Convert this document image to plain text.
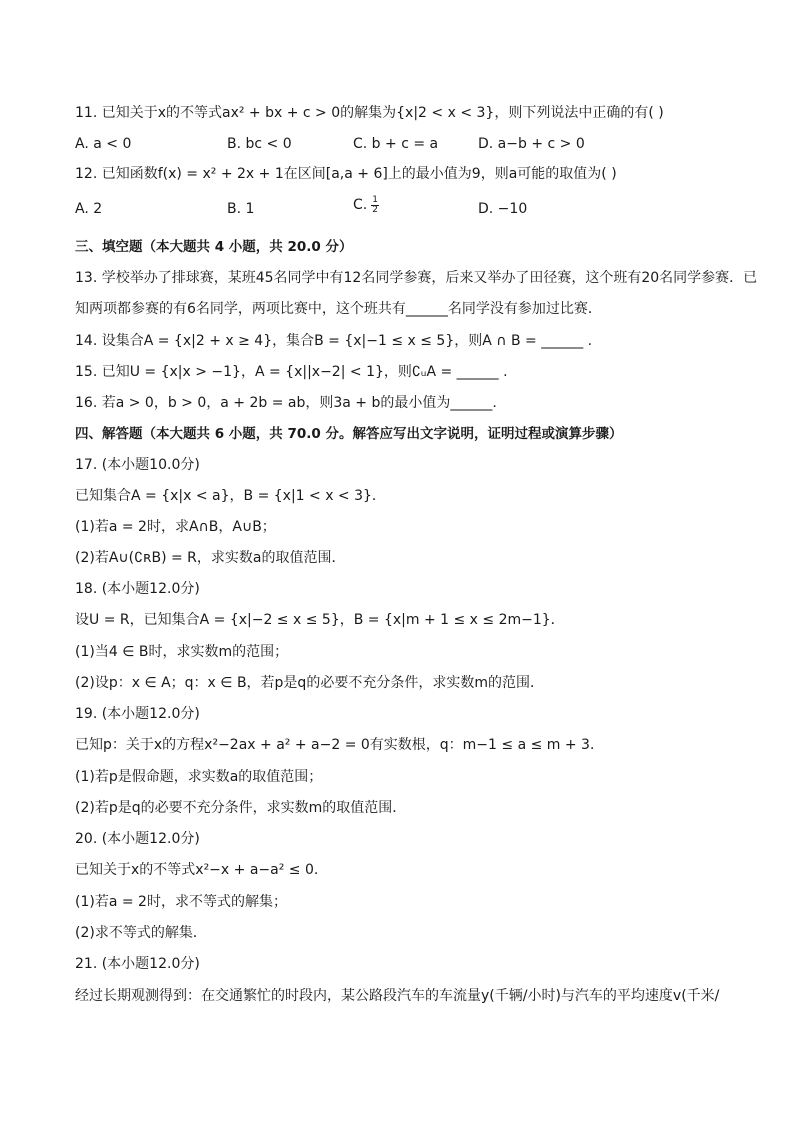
11. 已知关于x的不等式ax² + bx + c > 0的解集为{x|2 < x < 3}，则下列说法中正确的有( )
A. a < 0	B. bc < 0	C. b + c = a	D. a−b + c > 0
12. 已知函数f(x) = x² + 2x + 1在区间[a,a + 6]上的最小值为9，则a可能的取值为( )
A. 2	B. 1	C. $\frac{1}{2}$	D. −10
三、填空题（本大题共 4 小题，共 20.0 分）
13. 学校举办了排球赛，某班45名同学中有12名同学参赛，后来又举办了田径赛，这个班有20名同学参赛．已
知两项都参赛的有6名同学，两项比赛中，这个班共有______名同学没有参加过比赛．
14. 设集合A = {x|2 + x ≥ 4}，集合B = {x|−1 ≤ x ≤ 5}，则A ∩ B = ______ .
15. 已知U = {x|x > −1}，A = {x||x−2| < 1}，则∁ᵤA = ______ .
16. 若a > 0，b > 0，a + 2b = ab，则3a + b的最小值为______.
四、解答题（本大题共 6 小题，共 70.0 分。解答应写出文字说明，证明过程或演算步骤）
17. (本小题10.0分)
已知集合A = {x|x < a}，B = {x|1 < x < 3}．
(1)若a = 2时，求A∩B，A∪B；
(2)若A∪(∁ʀB) = R，求实数a的取值范围．
18. (本小题12.0分)
设U = R，已知集合A = {x|−2 ≤ x ≤ 5}，B = {x|m + 1 ≤ x ≤ 2m−1}．
(1)当4 ∈ B时，求实数m的范围；
(2)设p：x ∈ A；q：x ∈ B，若p是q的必要不充分条件，求实数m的范围．
19. (本小题12.0分)
已知p：关于x的方程x²−2ax + a² + a−2 = 0有实数根，q：m−1 ≤ a ≤ m + 3．
(1)若p是假命题，求实数a的取值范围；
(2)若p是q的必要不充分条件，求实数m的取值范围．
20. (本小题12.0分)
已知关于x的不等式x²−x + a−a² ≤ 0.
(1)若a = 2时，求不等式的解集；
(2)求不等式的解集．
21. (本小题12.0分)
经过长期观测得到：在交通繁忙的时段内，某公路段汽车的车流量y(千辆/小时)与汽车的平均速度v(千米/
